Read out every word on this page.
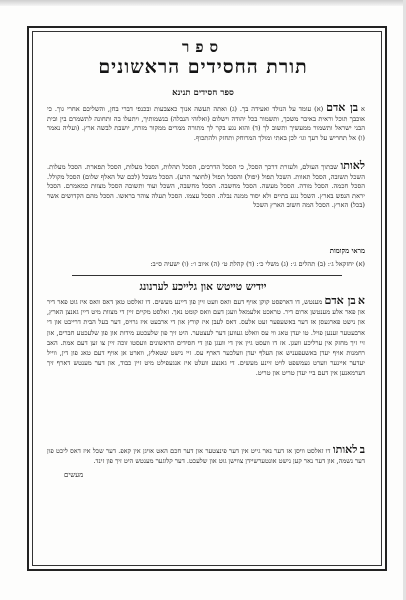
ספר
תורת החסידים הראשונים
ספר חסידים תנינא
א בן אדם (א) עומד על הנולד ואעידה בך. (ג) ואתה תעשה אנוך כאצבעות ובכנפי דברי בחן, והשליכם אחרי גוך. כי אוכבך תוכל וראית באיבר משכך, ותשמור בכל יהודה וישלום (ואלוהי הנבלה) בנשמותיך, ויתעלו בה ותחונה לתשמרם בין ובית הבני ישראל ותשמור ממעשיך ותשוב לך (ד) והוא נגע בקר לך מתורה ממרים ממקור מזרח, יושבת לבשה ארץ. (ועליה נאמר (ו) אל תחריש על רעך וגו׳ לכן באתי ומולך המרוחק ותחזק ולהתכוף.
לאותו שבתוך העולם, ולעזרת דרכך הסכל, כי הסכל הדרכים, הסכל תהלות, הסכל מעלות, הסכל תפארת. הסכל מעלות. השכל תשובה, הסכל תאוות. השכל תפול (יפול) והסכל תפול (לחוצר הרע). הסכל משכל (לכם של האלף שלום) הסכל מקולל. הסכל חכמה. הסכל מודה. הסכל מעשה. הסכל מחשבה. הסכל מחשבה, השכל ועוד ותשובה הסכל מצוות כמאמרם. הסכל יראת הנפש בארץ. השכל נגע בתיים ולא יסוד ממנה נבלה. הסכל עצמו. הסכל תעלה צוהר בראשו. הסכל מהם הקדושים אשר (בכל) הארץ. הסכל המה חשוב הארץ השכל
מראי מקומות
(א) יחזקאל ג׳: (ב) תהלים ג׳: (ג) משלי כ׳: (ד) קהלת ט׳ (ה) איוב ו׳: (ו) ישעיה ס״ב:
ייִדיש טייטש און גלייכע לערנונג
א בן אדם מענטש, דו דארפסט קוקן אויף דעם וואס וועט זיין פון דיינע מעשים. דו זאלסט טאן דאס וואס איז גוט פאר דיר און פאר אלע מענטשן ארום דיר. טראכט אלעמאל וועגן דעם וואס קומט נאך. זאלסט מקיים זיין די מצוות מיט דיין גאנצן הארץ, און נישט פארגעסן אז דער באשעפער זעט אלעס. דאס לעבן איז קורץ און די ארבעט איז גרויס, דער בעל הבית דרייבט און די ארבעטער זענען פויל. טו יעדן טאג ווי עס וואלט געווען דער לעצטער. היט זיך פון שלעכטע מידות און פון שלעכטע חברים, און זיי זיך מחזק אין ערליכע וועגן. אז דו וועסט גיין אין די וועגן פון די חסידים הראשונים וועסטו זוכה זיין צו זען דעם אמת. האב רחמנות אויף יעדן באשעפעניש און העלף יעדן וועלכער דארף עס. זיי נישט שטאלץ, ווארט אן אויף דעם טאג פון דין, ווייל יעדער איינער ווערט געמשפט לויט זיינע מעשים. די גאנצע וועלט איז אנגעפילט מיט זיין כבוד, און דער מענטש דארף זיך דערמאנען אין דעם ביי יעדן טריט און טריט.
ב לאותו דו זאלסט וויסן אז דער נאר גייט אין דער פינצטער און דער חכם האט אויגן אין קאפ. דער שכל איז דאס ליכט פון דער נשמה, און דער נאר קען נישט אונטערשיידן צווישן גוט און שלעכט. דער קלוגער מענטש היט זיך פון זינד.
מעשים
